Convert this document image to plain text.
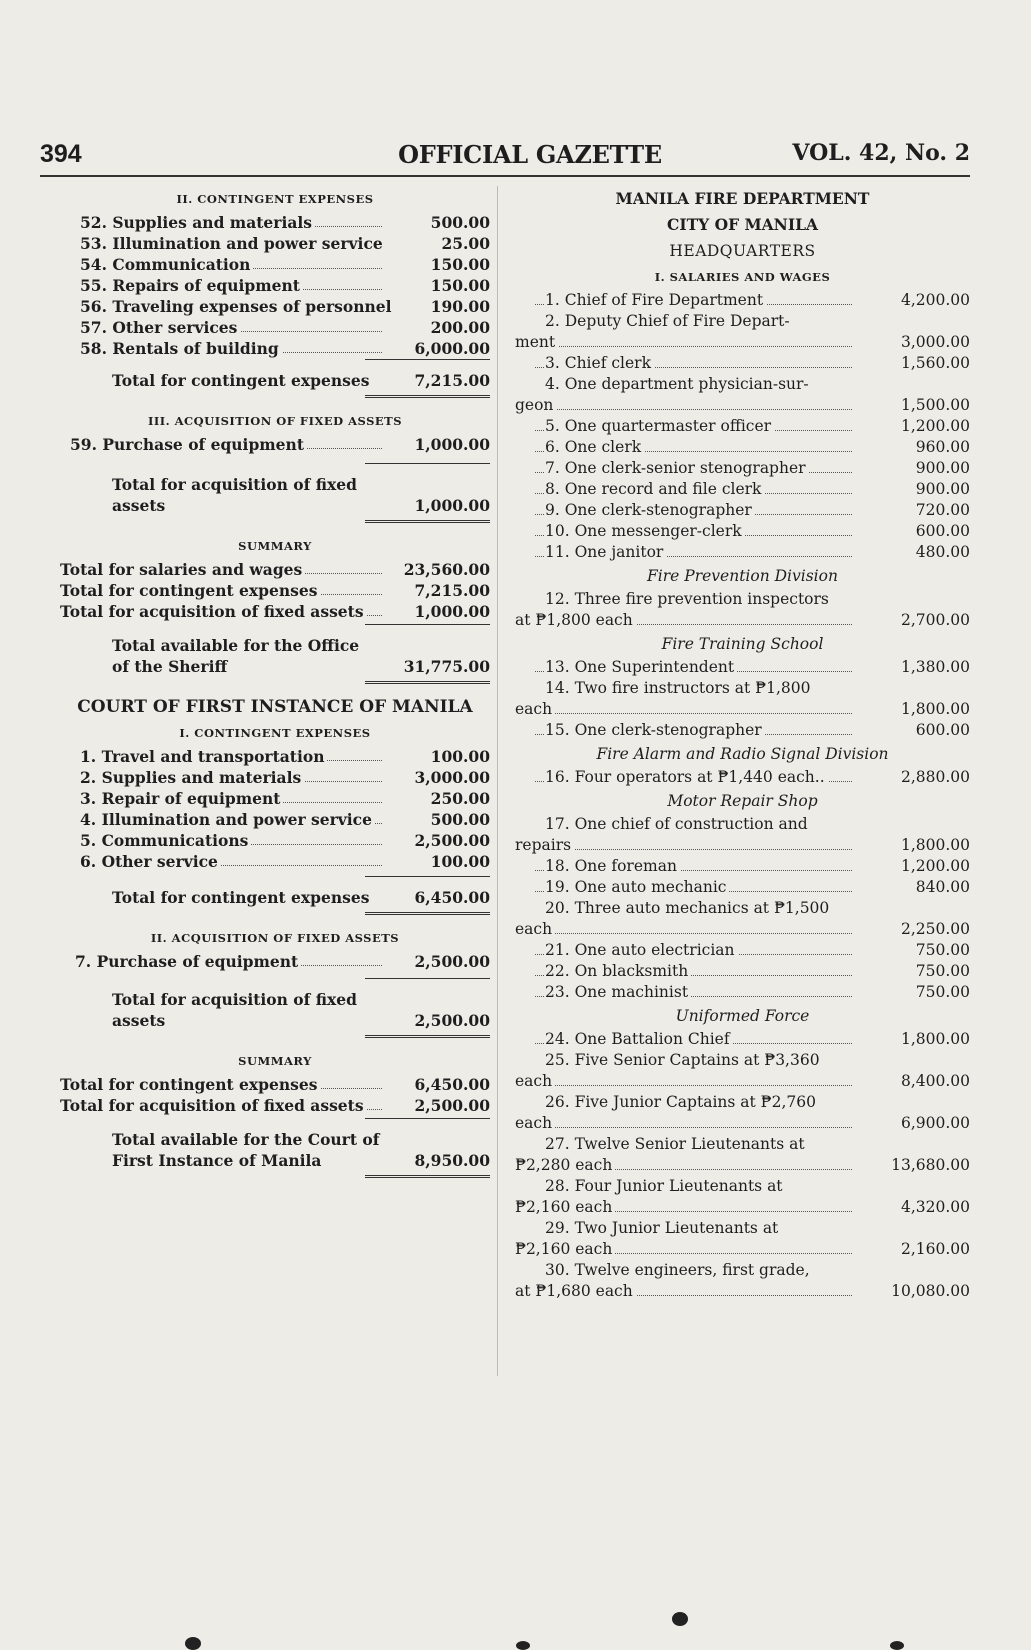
394	OFFICIAL GAZETTE	VOL. 42, No. 2
II. CONTINGENT EXPENSES
52. Supplies and materials	500.00
53. Illumination and power service	25.00
54. Communication	150.00
55. Repairs of equipment	150.00
56. Traveling expenses of personnel	190.00
57. Other services	200.00
58. Rentals of building	6,000.00
Total for contingent expenses	7,215.00
III. ACQUISITION OF FIXED ASSETS
59. Purchase of equipment	1,000.00
Total for acquisition of fixed assets	1,000.00
SUMMARY
Total for salaries and wages	23,560.00
Total for contingent expenses	7,215.00
Total for acquisition of fixed assets	1,000.00
Total available for the Office of the Sheriff	31,775.00
COURT OF FIRST INSTANCE OF MANILA
I. CONTINGENT EXPENSES
1. Travel and transportation	100.00
2. Supplies and materials	3,000.00
3. Repair of equipment	250.00
4. Illumination and power service	500.00
5. Communications	2,500.00
6. Other service	100.00
Total for contingent expenses	6,450.00
II. ACQUISITION OF FIXED ASSETS
7. Purchase of equipment	2,500.00
Total for acquisition of fixed assets	2,500.00
SUMMARY
Total for contingent expenses	6,450.00
Total for acquisition of fixed assets	2,500.00
Total available for the Court of First Instance of Manila	8,950.00
MANILA FIRE DEPARTMENT
CITY OF MANILA
HEADQUARTERS
I. SALARIES AND WAGES
1. Chief of Fire Department	4,200.00
2. Deputy Chief of Fire Depart-
ment	3,000.00
3. Chief clerk	1,560.00
4. One department physician-sur-
geon	1,500.00
5. One quartermaster officer	1,200.00
6. One clerk	960.00
7. One clerk-senior stenographer	900.00
8. One record and file clerk	900.00
9. One clerk-stenographer	720.00
10. One messenger-clerk	600.00
11. One janitor	480.00
Fire Prevention Division
12. Three fire prevention inspectors
at ₱1,800 each	2,700.00
Fire Training School
13. One Superintendent	1,380.00
14. Two fire instructors at ₱1,800
each	1,800.00
15. One clerk-stenographer	600.00
Fire Alarm and Radio Signal Division
16. Four operators at ₱1,440 each..	2,880.00
Motor Repair Shop
17. One chief of construction and
repairs	1,800.00
18. One foreman	1,200.00
19. One auto mechanic	840.00
20. Three auto mechanics at ₱1,500
each	2,250.00
21. One auto electrician	750.00
22. On blacksmith	750.00
23. One machinist	750.00
Uniformed Force
24. One Battalion Chief	1,800.00
25. Five Senior Captains at ₱3,360
each	8,400.00
26. Five Junior Captains at ₱2,760
each	6,900.00
27. Twelve Senior Lieutenants at
₱2,280 each	13,680.00
28. Four Junior Lieutenants at
₱2,160 each	4,320.00
29. Two Junior Lieutenants at
₱2,160 each	2,160.00
30. Twelve engineers, first grade,
at ₱1,680 each	10,080.00
